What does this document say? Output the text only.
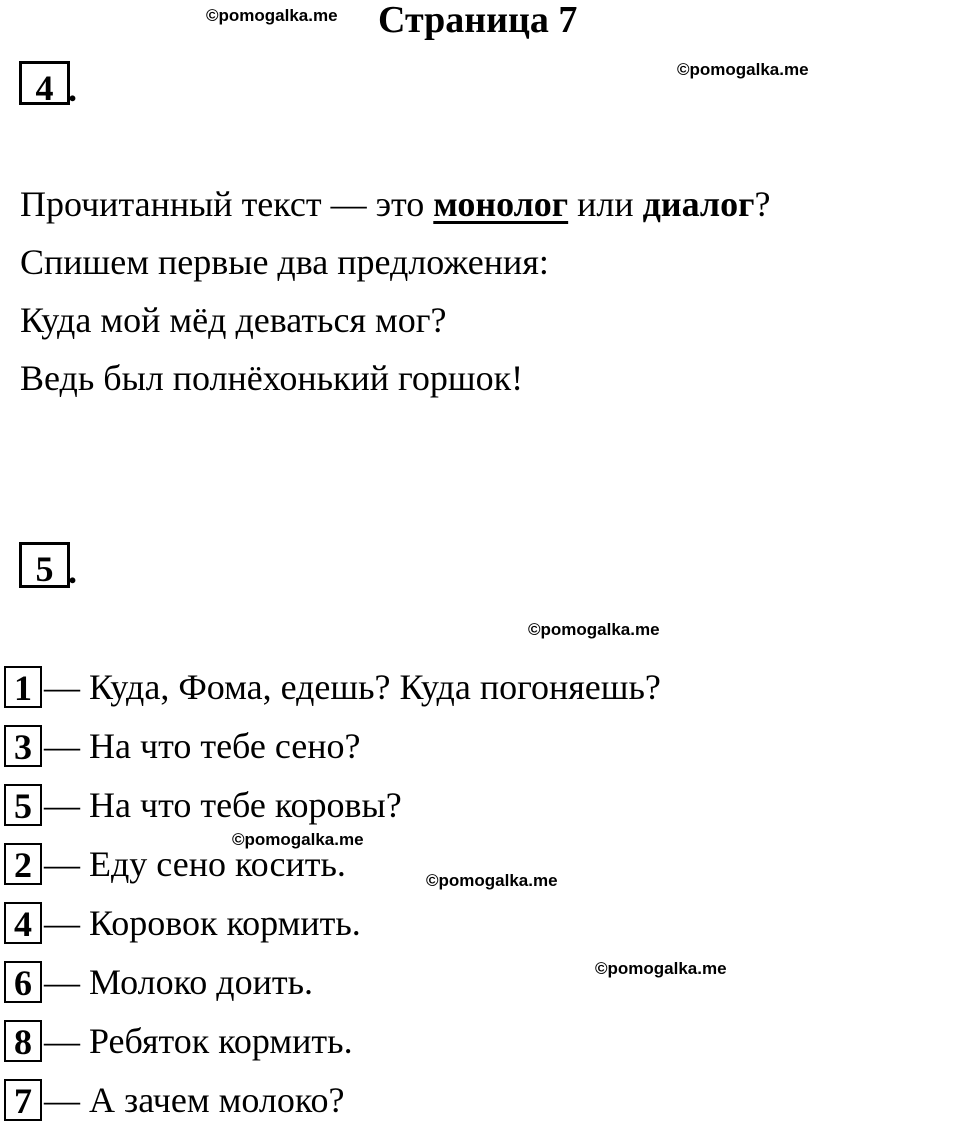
©pomogalka.me Страница 7
4 .	©pomogalka.me
Прочитанный текст — это монолог или диалог?
Спишем первые два предложения:
Куда мой мёд деваться мог?
Ведь был полнёхонький горшок!
5 .
©pomogalka.me
1 — Куда, Фома, едешь? Куда погоняешь?
3 — На что тебе сено?
5 — На что тебе коровы?
©pomogalka.me
2 — Еду сено косить.	©pomogalka.me
4 — Коровок кормить.
©pomogalka.me
6 — Молоко доить.
8 — Ребяток кормить.
7 — А зачем молоко?
